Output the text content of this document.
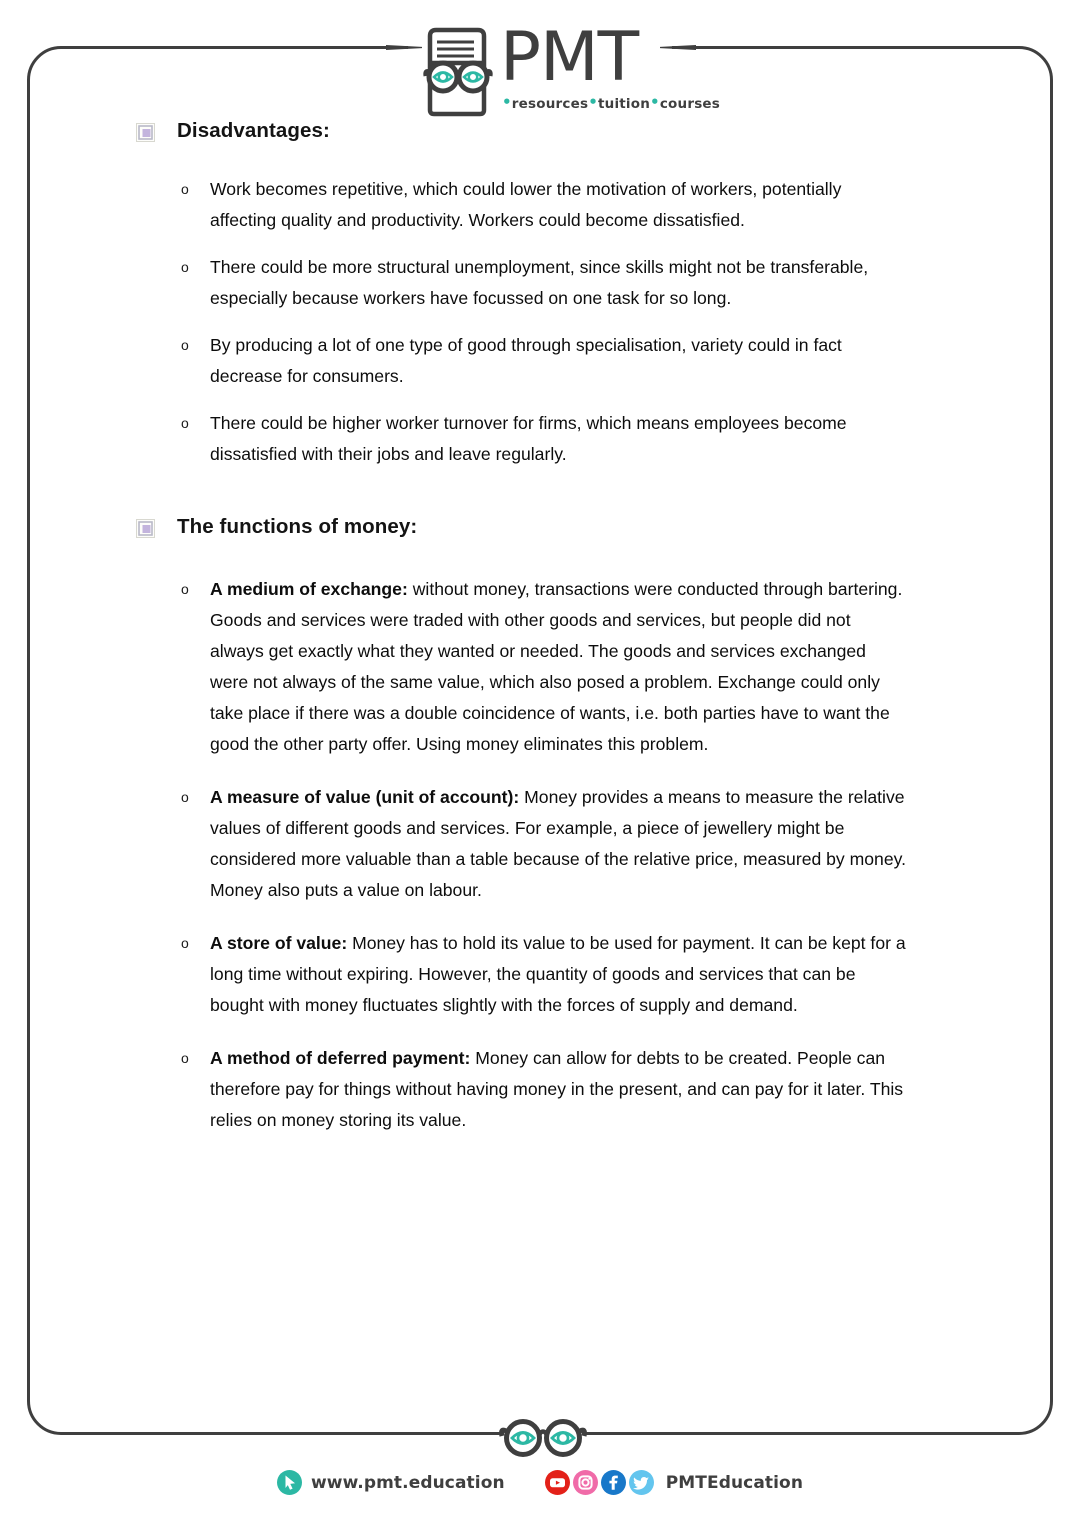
PMT
•resources•tuition•courses
Disadvantages:
o Work becomes repetitive, which could lower the motivation of workers, potentially affecting quality and productivity. Workers could become dissatisfied.
o There could be more structural unemployment, since skills might not be transferable, especially because workers have focussed on one task for so long.
o By producing a lot of one type of good through specialisation, variety could in fact decrease for consumers.
o There could be higher worker turnover for firms, which means employees become dissatisfied with their jobs and leave regularly.
The functions of money:
o A medium of exchange: without money, transactions were conducted through bartering. Goods and services were traded with other goods and services, but people did not always get exactly what they wanted or needed. The goods and services exchanged were not always of the same value, which also posed a problem. Exchange could only take place if there was a double coincidence of wants, i.e. both parties have to want the good the other party offer. Using money eliminates this problem.
o A measure of value (unit of account): Money provides a means to measure the relative values of different goods and services. For example, a piece of jewellery might be considered more valuable than a table because of the relative price, measured by money. Money also puts a value on labour.
o A store of value: Money has to hold its value to be used for payment. It can be kept for a long time without expiring. However, the quantity of goods and services that can be bought with money fluctuates slightly with the forces of supply and demand.
o A method of deferred payment: Money can allow for debts to be created. People can therefore pay for things without having money in the present, and can pay for it later. This relies on money storing its value.
www.pmt.education	PMTEducation
